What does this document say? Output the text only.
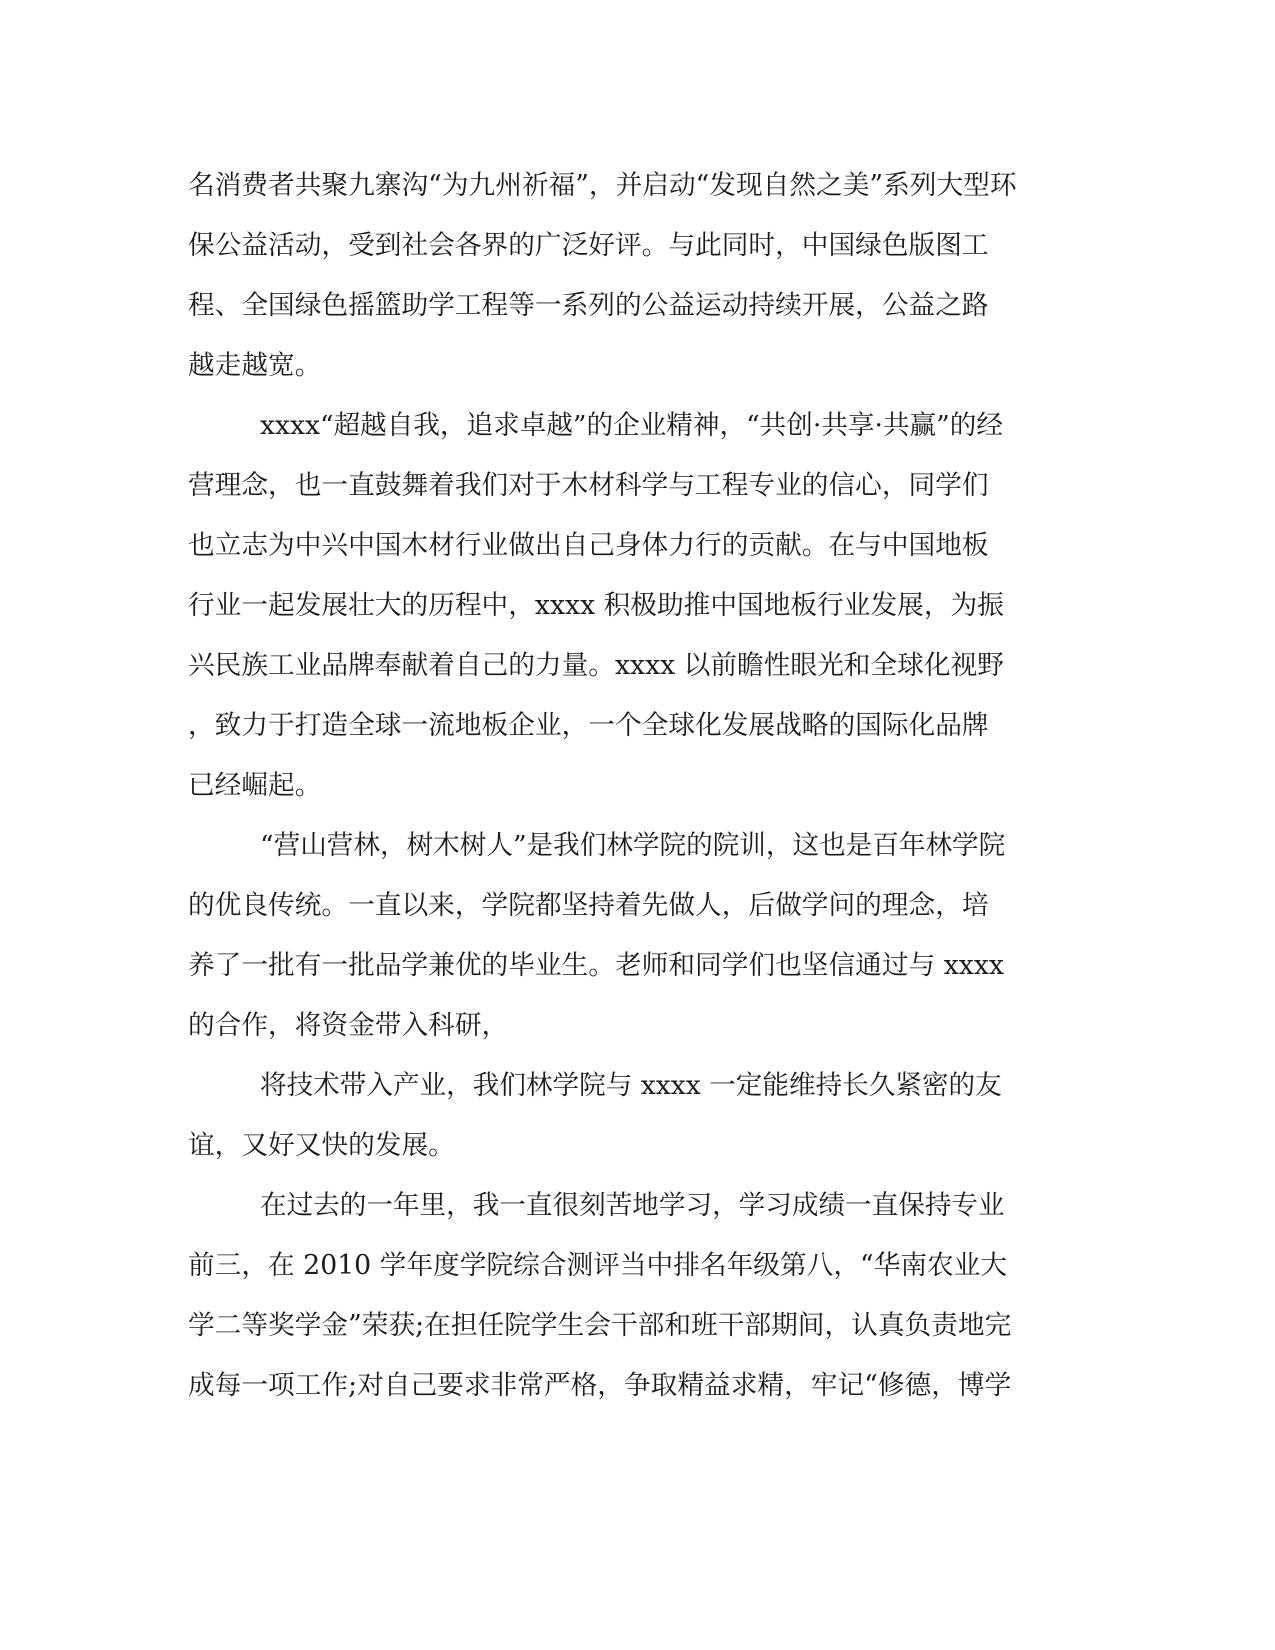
名消费者共聚九寨沟“为九州祈福”，并启动“发现自然之美”系列大型环
保公益活动，受到社会各界的广泛好评。与此同时，中国绿色版图工
程、全国绿色摇篮助学工程等一系列的公益运动持续开展，公益之路
越走越宽。
xxxx“超越自我，追求卓越”的企业精神，“共创·共享·共赢”的经
营理念，也一直鼓舞着我们对于木材科学与工程专业的信心，同学们
也立志为中兴中国木材行业做出自己身体力行的贡献。在与中国地板
行业一起发展壮大的历程中，xxxx 积极助推中国地板行业发展，为振
兴民族工业品牌奉献着自己的力量。xxxx 以前瞻性眼光和全球化视野
，致力于打造全球一流地板企业，一个全球化发展战略的国际化品牌
已经崛起。
“营山营林，树木树人”是我们林学院的院训，这也是百年林学院
的优良传统。一直以来，学院都坚持着先做人，后做学问的理念，培
养了一批有一批品学兼优的毕业生。老师和同学们也坚信通过与 xxxx
的合作，将资金带入科研，
将技术带入产业，我们林学院与 xxxx 一定能维持长久紧密的友
谊，又好又快的发展。
在过去的一年里，我一直很刻苦地学习，学习成绩一直保持专业
前三，在 2010 学年度学院综合测评当中排名年级第八，“华南农业大
学二等奖学金”荣获;在担任院学生会干部和班干部期间，认真负责地完
成每一项工作;对自己要求非常严格，争取精益求精，牢记“修德，博学
